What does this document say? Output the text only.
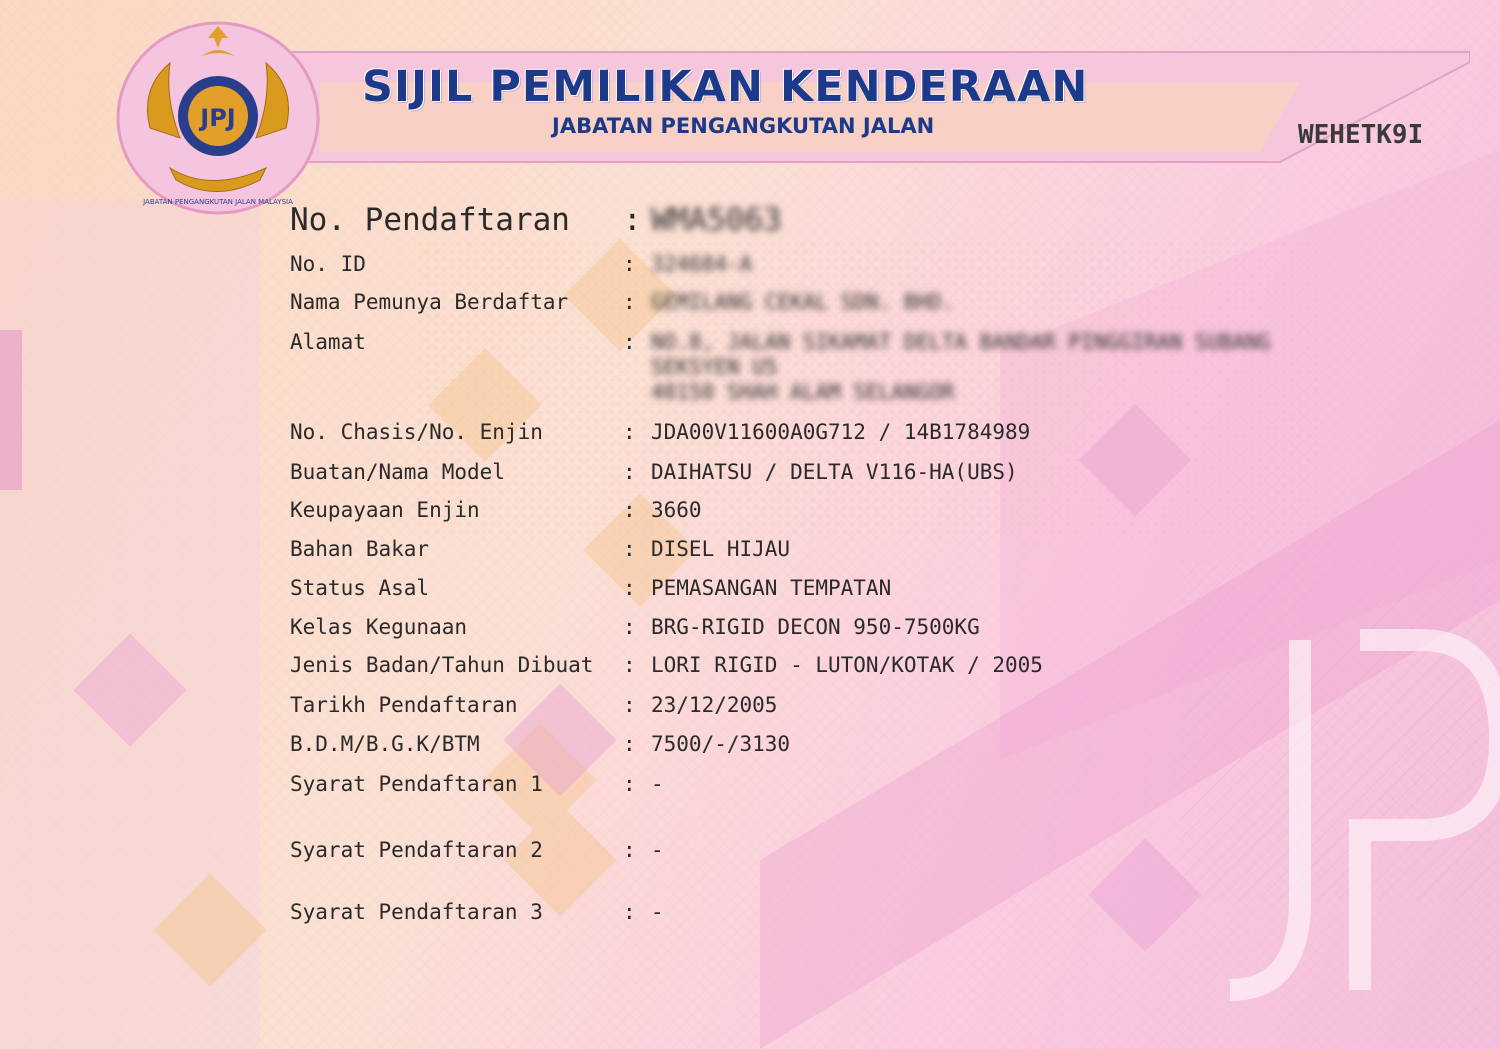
JPJ
JABATAN PENGANGKUTAN JALAN MALAYSIA
SIJIL PEMILIKAN KENDERAAN
JABATAN PENGANGKUTAN JALAN	WEHETK9I
No. Pendaftaran : WMA5063
No. ID	: 324684-A
Nama Pemunya Berdaftar	: GEMILANG CEKAL SDN. BHD.
Alamat	: NO.8, JALAN SIKAMAT DELTA BANDAR PINGGIRAN SUBANG
SEKSYEN U5
40150 SHAH ALAM SELANGOR
No. Chasis/No. Enjin	: JDA00V11600A0G712 / 14B1784989
Buatan/Nama Model	: DAIHATSU / DELTA V116-HA(UBS)
Keupayaan Enjin	: 3660
Bahan Bakar	: DISEL HIJAU
Status Asal	: PEMASANGAN TEMPATAN
Kelas Kegunaan	: BRG-RIGID DECON 950-7500KG
Jenis Badan/Tahun Dibuat : LORI RIGID - LUTON/KOTAK / 2005
Tarikh Pendaftaran	: 23/12/2005
B.D.M/B.G.K/BTM	: 7500/-/3130
Syarat Pendaftaran 1	: -
Syarat Pendaftaran 2	: -
Syarat Pendaftaran 3	: -
